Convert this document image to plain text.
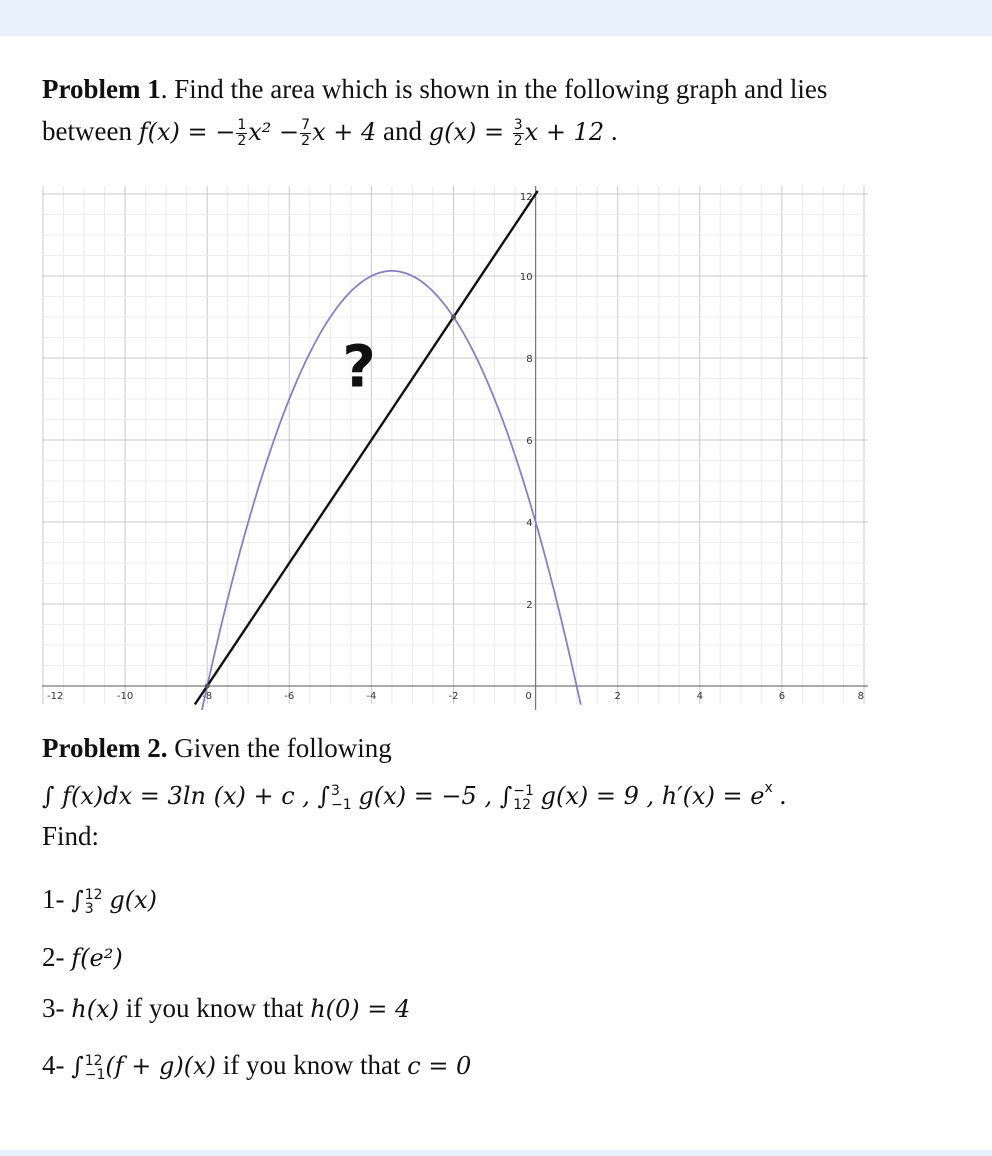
Problem 1. Find the area which is shown in the following graph and lies
between f(x) = − $\frac{1}{2} x^2 - \frac{7}{2}$ x + 4 and $g(x) = \frac{3}{2}$ x + 12 .
-12	-10	-8	-6	-4	-2	0	2	4	6	8
2
4
6
8
10
12
?
Problem 2. Given the following
∫ f(x)dx = 3ln (x) + c , ∫ 3
−1 g(x) = −5 , ∫ −1
12 g(x) = 9 , $h'(x) = e^x$ .
Find:
1- ∫ 12
3 g(x)
2- f(e²)
3- h(x) if you know that h(0) = 4
4- ∫ 12
−1 (f + g)(x) if you know that c = 0
